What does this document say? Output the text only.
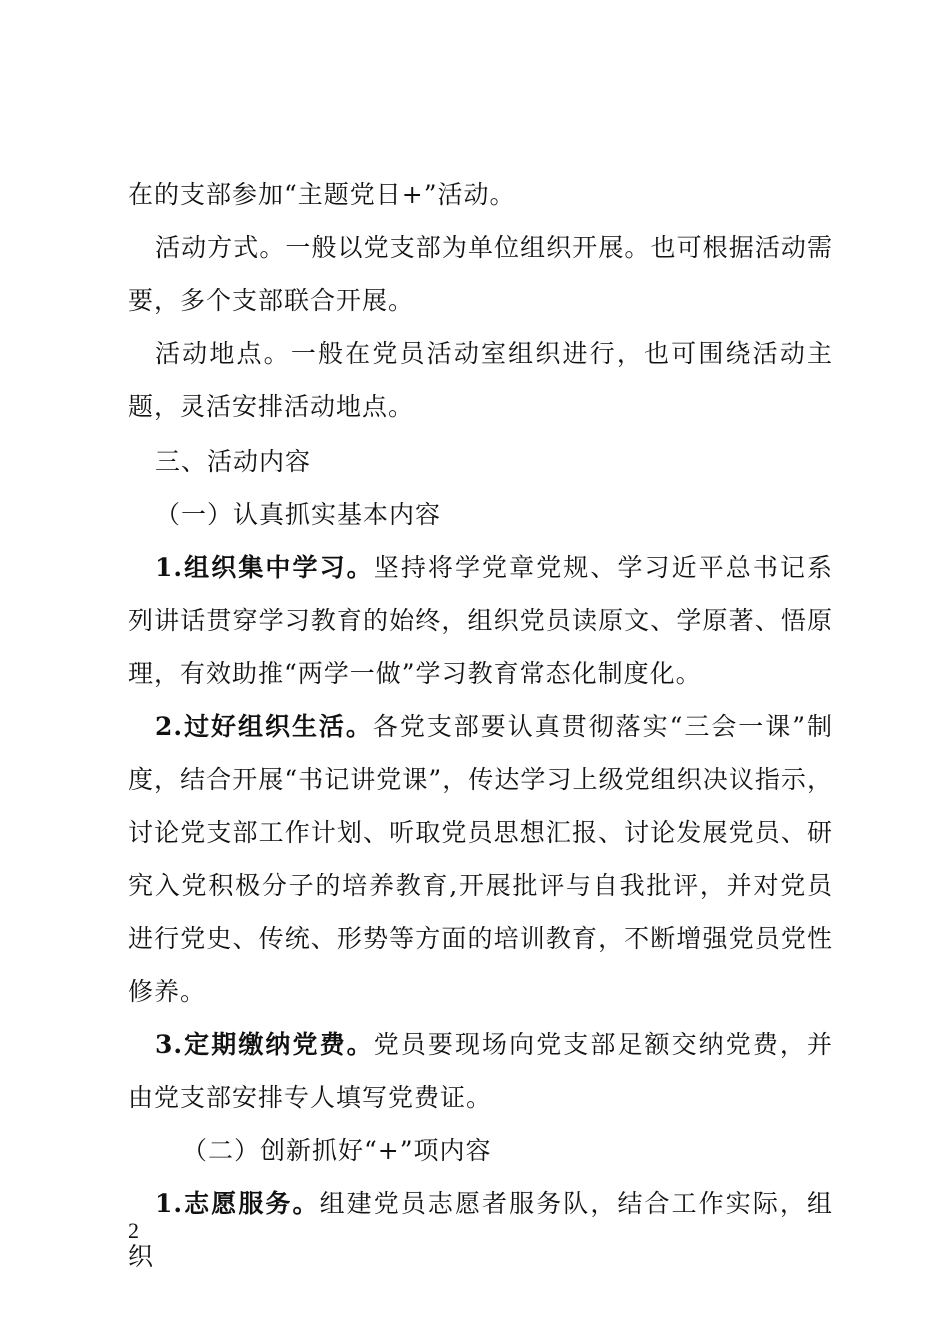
在的支部参加“主题党日+”活动。

活动方式。一般以党支部为单位组织开展。也可根据活动需要，多个支部联合开展。

活动地点。一般在党员活动室组织进行，也可围绕活动主题，灵活安排活动地点。

三、活动内容

（一）认真抓实基本内容

1.组织集中学习。坚持将学党章党规、学习近平总书记系列讲话贯穿学习教育的始终，组织党员读原文、学原著、悟原理，有效助推“两学一做”学习教育常态化制度化。

2.过好组织生活。各党支部要认真贯彻落实“三会一课”制度，结合开展“书记讲党课”，传达学习上级党组织决议指示，讨论党支部工作计划、听取党员思想汇报、讨论发展党员、研究入党积极分子的培养教育,开展批评与自我批评，并对党员进行党史、传统、形势等方面的培训教育，不断增强党员党性修养。

3.定期缴纳党费。党员要现场向党支部足额交纳党费，并由党支部安排专人填写党费证。

（二）创新抓好“+”项内容

1.志愿服务。组建党员志愿者服务队，结合工作实际，组织

2
